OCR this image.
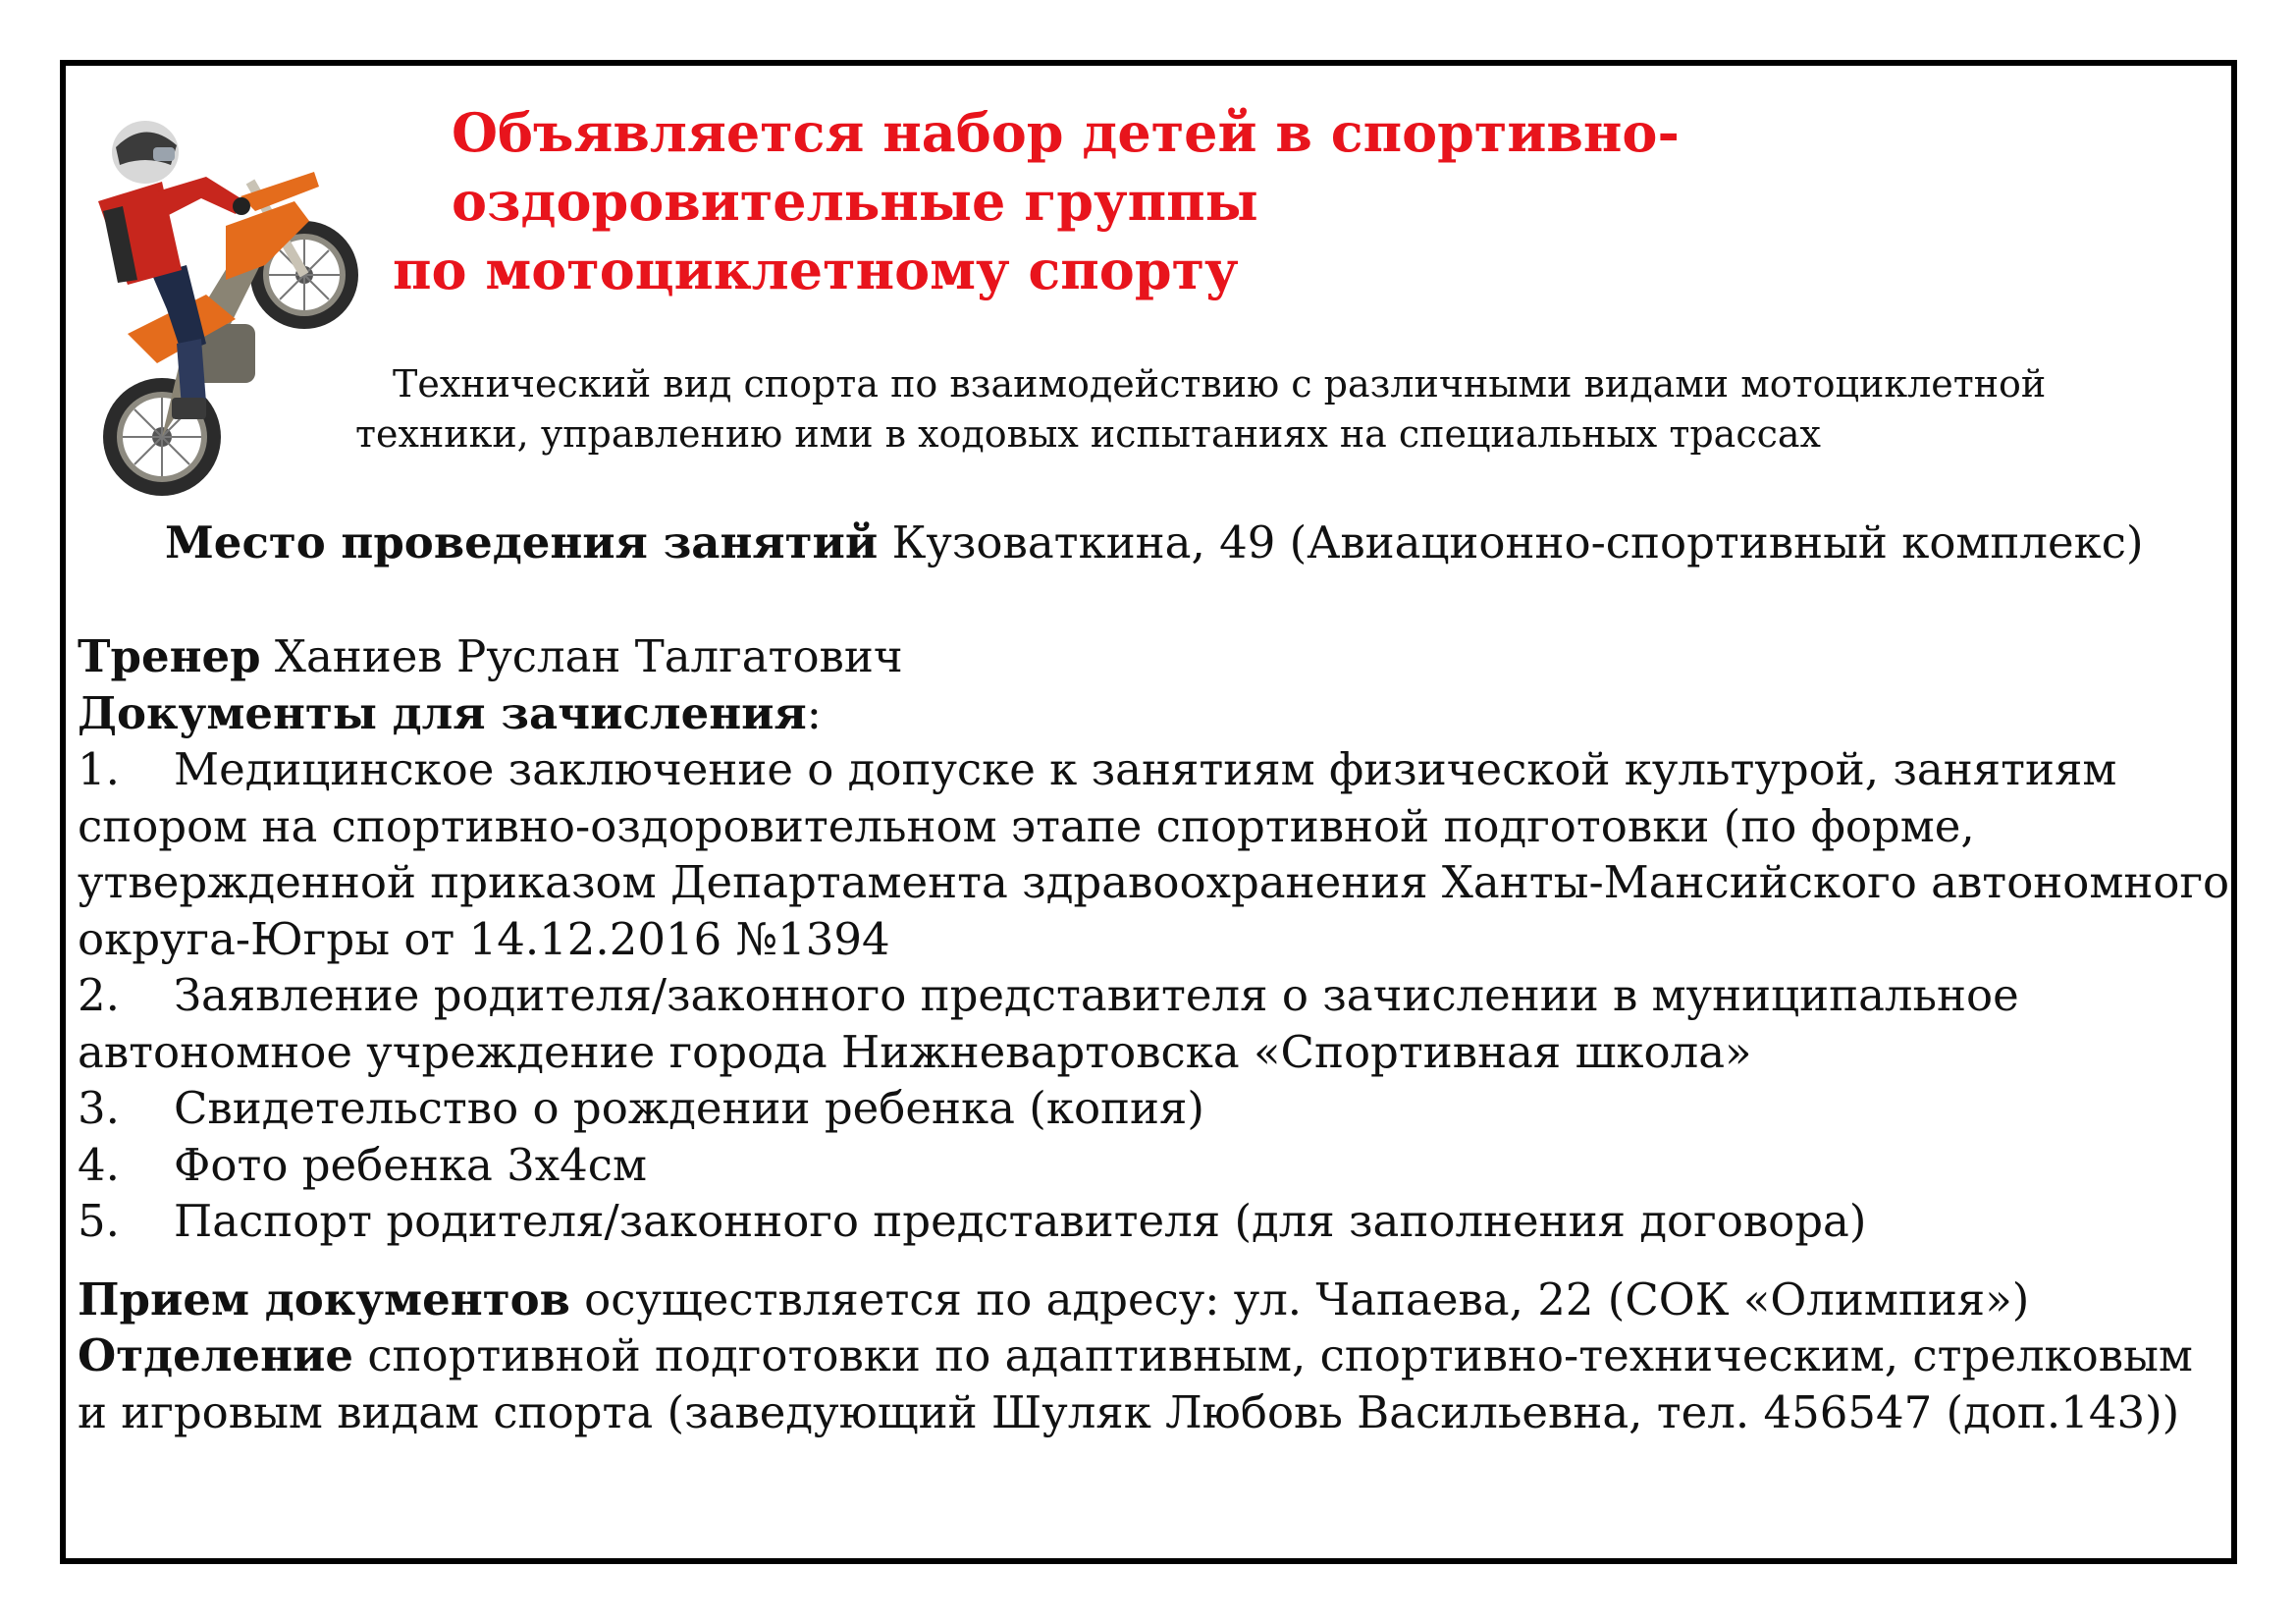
Объявляется набор детей в спортивно-
оздоровительные группы
по мотоциклетному спорту
Технический вид спорта по взаимодействию с различными видами мотоциклетной
техники, управлению ими в ходовых испытаниях на специальных трассах
Место проведения занятий Кузоваткина, 49 (Авиационно-спортивный комплекс)
Тренер Ханиев Руслан Талгатович
Документы для зачисления:
1. Медицинское заключение о допуске к занятиям физической культурой, занятиям
спором на спортивно-оздоровительном этапе спортивной подготовки (по форме,
утвержденной приказом Департамента здравоохранения Ханты-Мансийского автономного
округа-Югры от 14.12.2016 №1394
2. Заявление родителя/законного представителя о зачислении в муниципальное
автономное учреждение города Нижневартовска «Спортивная школа»
3. Свидетельство о рождении ребенка (копия)
4. Фото ребенка 3х4см
5. Паспорт родителя/законного представителя (для заполнения договора)
Прием документов осуществляется по адресу: ул. Чапаева, 22 (СОК «Олимпия»)
Отделение спортивной подготовки по адаптивным, спортивно-техническим, стрелковым
и игровым видам спорта (заведующий Шуляк Любовь Васильевна, тел. 456547 (доп.143))
